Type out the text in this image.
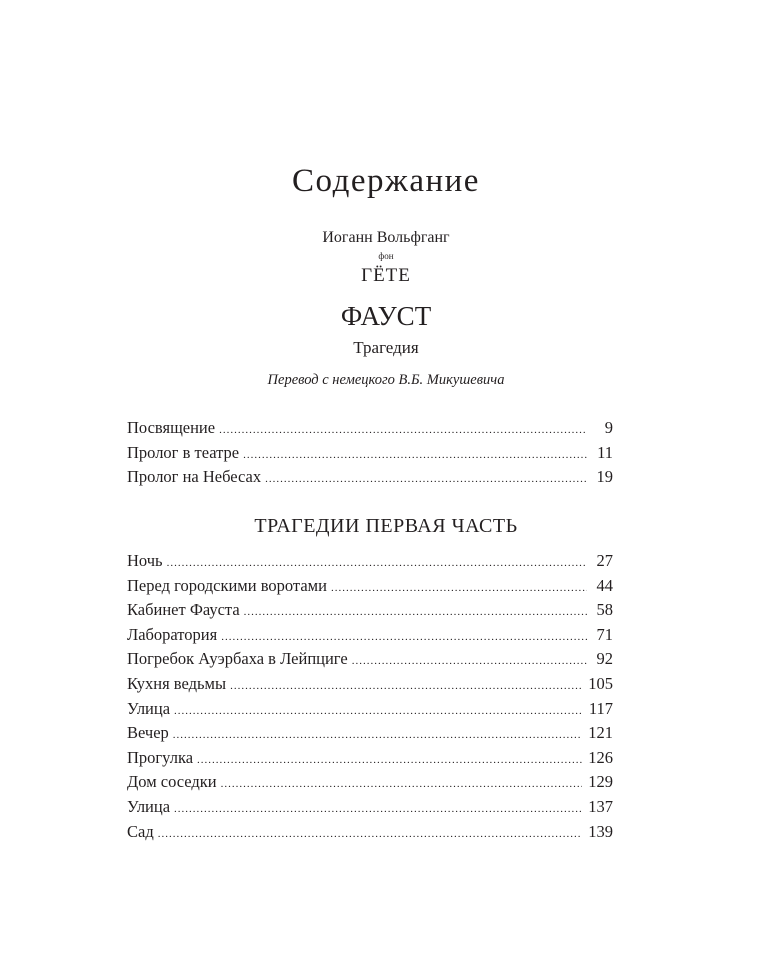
Содержание
Иоганн Вольфганг
фон
ГЁТЕ
ФАУСТ
Трагедия
Перевод с немецкого В.Б. Микушевича
Посвящение .....	9
Пролог в театре .....	11
Пролог на Небесах .....	19
ТРАГЕДИИ ПЕРВАЯ ЧАСТЬ
Ночь .....	27
Перед городскими воротами .....	44
Кабинет Фауста .....	58
Лаборатория .....	71
Погребок Ауэрбаха в Лейпциге .....	92
Кухня ведьмы .....	105
Улица .....	117
Вечер .....	121
Прогулка .....	126
Дом соседки .....	129
Улица .....	137
Сад .....	139
